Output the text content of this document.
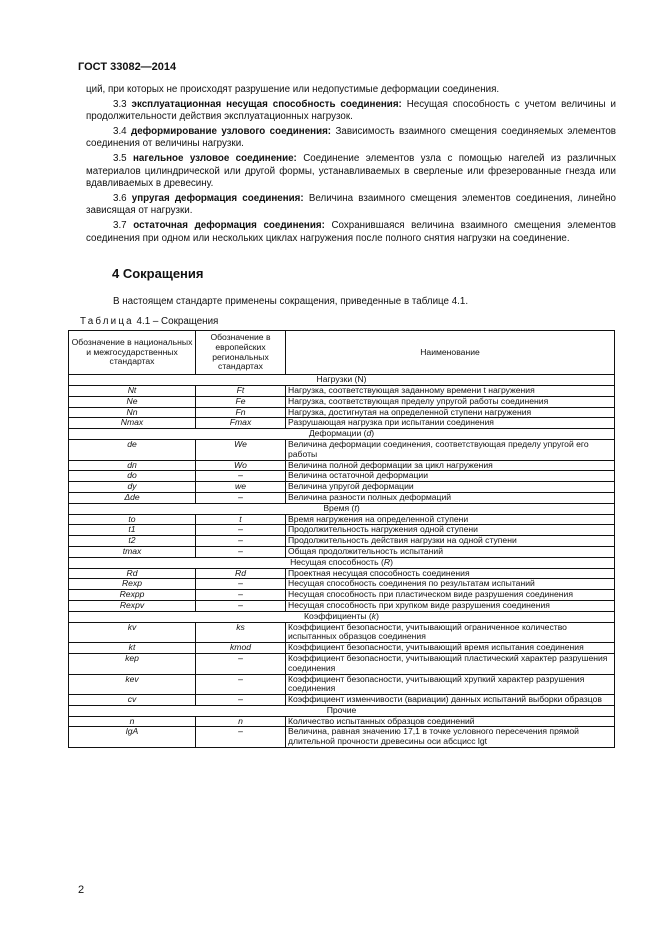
ГОСТ 33082—2014

ций, при которых не происходят разрушение или недопустимые деформации соединения.

3.3 эксплуатационная несущая способность соединения: Несущая способность с учетом величины и продолжительности действия эксплуатационных нагрузок.

3.4 деформирование узлового соединения: Зависимость взаимного смещения соединяемых элементов соединения от величины нагрузки.

3.5 нагельное узловое соединение: Соединение элементов узла с помощью нагелей из различных материалов цилиндрической или другой формы, устанавливаемых в сверленые или фрезерованные гнезда или вдавливаемых в древесину.

3.6 упругая деформация соединения: Величина взаимного смещения элементов соединения, линейно зависящая от нагрузки.

3.7 остаточная деформация соединения: Сохранившаяся величина взаимного смещения элементов соединения при одном или нескольких циклах нагружения после полного снятия нагрузки на соединение.

4 Сокращения
В настоящем стандарте применены сокращения, приведенные в таблице 4.1.
Таблица 4.1 – Сокращения
Обозначение в национальных и межгосударственных стандартах	Обозначение в европейских региональных стандартах	Наименование
Нагрузки (N)		
Nt	Ft	Нагрузка, соответствующая заданному времени t нагружения
Ne	Fe	Нагрузка, соответствующая пределу упругой работы соединения
Nn	Fn	Нагрузка, достигнутая на определенной ступени нагружения
Nmax	Fmax	Разрушающая нагрузка при испытании соединения
Деформации (d)		
de	We	Величина деформации соединения, соответствующая пределу упругой его работы
dп	Wo	Величина полной деформации за цикл нагружения
do	–	Величина остаточной деформации
dy	we	Величина упругой деформации
Δde	–	Величина разности полных деформаций
Время (t)		
to	t	Время нагружения на определенной ступени
t1	–	Продолжительность нагружения одной ступени
t2	–	Продолжительность действия нагрузки на одной ступени
tmax	–	Общая продолжительность испытаний
Несущая способность (R)		
Rd	Rd	Проектная несущая способность соединения
Rexp	–	Несущая способность соединения по результатам испытаний
Rexpp	–	Несущая способность при пластическом виде разрушения соединения
Rexpv	–	Несущая способность при хрупком виде разрушения соединения
Коэффициенты (k)		
kv	ks	Коэффициент безопасности, учитывающий ограниченное количество испытанных образцов соединения
kt	kmod	Коэффициент безопасности, учитывающий время испытания соединения
kep	–	Коэффициент безопасности, учитывающий пластический характер разрушения соединения
kev	–	Коэффициент безопасности, учитывающий хрупкий характер разрушения соединения
cv	–	Коэффициент изменчивости (вариации) данных испытаний выборки образцов
Прочие		
n	n	Количество испытанных образцов соединений
lgA	–	Величина, равная значению 17,1 в точке условного пересечения прямой длительной прочности древесины оси абсцисс lgt
2
